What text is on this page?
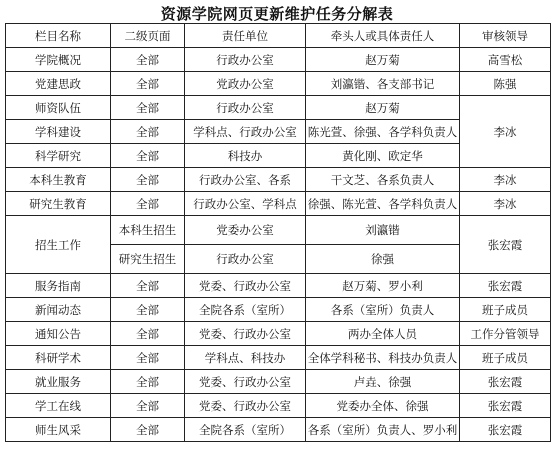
资源学院网页更新维护任务分解表
栏目名称	二级页面	责任单位	牵头人或具体责任人	审核领导
学院概况	全部	行政办公室	赵万菊	高雪松
党建思政	全部	党政办公室	刘瀛锴、各支部书记	陈强
师资队伍	全部	行政办公室	赵万菊	李冰
学科建设	全部	学科点、行政办公室	陈光萱、徐强、各学科负责人	
科学研究	全部	科技办	黄化刚、欧定华	
本科生教育	全部	行政办公室、各系	干文芝、各系负责人	李冰
研究生教育	全部	行政办公室、学科点	徐强、陈光萱、各学科负责人	李冰
招生工作	本科生招生	党委办公室	刘瀛锴	张宏霞
	研究生招生	行政办公室	徐强	
服务指南	全部	党委、行政办公室	赵万菊、罗小利	张宏霞
新闻动态	全部	全院各系（室所）	各系（室所）负责人	班子成员
通知公告	全部	党委、行政办公室	两办全体人员	工作分管领导
科研学术	全部	学科点、科技办	全体学科秘书、科技办负责人	班子成员
就业服务	全部	党委、行政办公室	卢垚、徐强	张宏霞
学工在线	全部	党委、行政办公室	党委办全体、徐强	张宏霞
师生风采	全部	全院各系（室所）	各系（室所）负责人、罗小利	张宏霞
